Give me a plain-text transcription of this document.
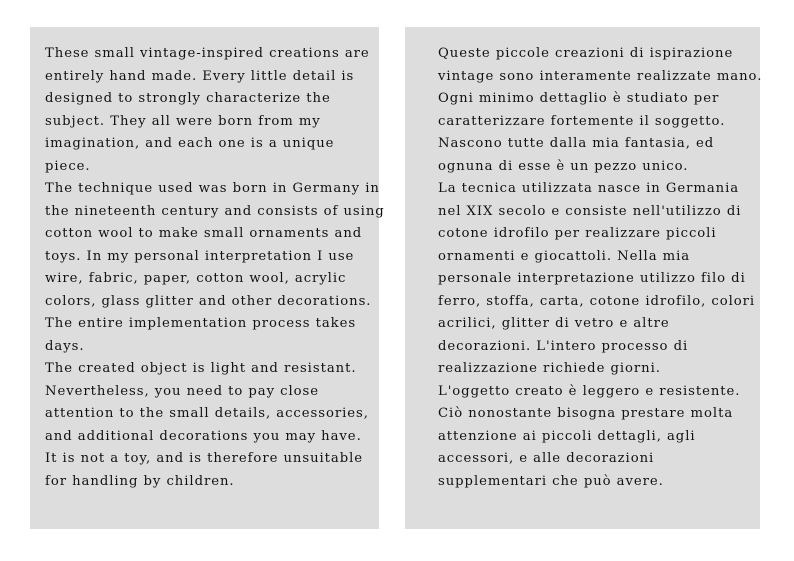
These small vintage-inspired creations are
entirely hand made. Every little detail is
designed to strongly characterize the
subject. They all were born from my
imagination, and each one is a unique
piece.
The technique used was born in Germany in
the nineteenth century and consists of using
cotton wool to make small ornaments and
toys. In my personal interpretation I use
wire, fabric, paper, cotton wool, acrylic
colors, glass glitter and other decorations.
The entire implementation process takes
days.
The created object is light and resistant.
Nevertheless, you need to pay close
attention to the small details, accessories,
and additional decorations you may have.
It is not a toy, and is therefore unsuitable
for handling by children.

Queste piccole creazioni di ispirazione
vintage sono interamente realizzate mano.
Ogni minimo dettaglio è studiato per
caratterizzare fortemente il soggetto.
Nascono tutte dalla mia fantasia, ed
ognuna di esse è un pezzo unico.
La tecnica utilizzata nasce in Germania
nel XIX secolo e consiste nell'utilizzo di
cotone idrofilo per realizzare piccoli
ornamenti e giocattoli. Nella mia
personale interpretazione utilizzo filo di
ferro, stoffa, carta, cotone idrofilo, colori
acrilici, glitter di vetro e altre
decorazioni. L'intero processo di
realizzazione richiede giorni.
L'oggetto creato è leggero e resistente.
Ciò nonostante bisogna prestare molta
attenzione ai piccoli dettagli, agli
accessori, e alle decorazioni
supplementari che può avere.
